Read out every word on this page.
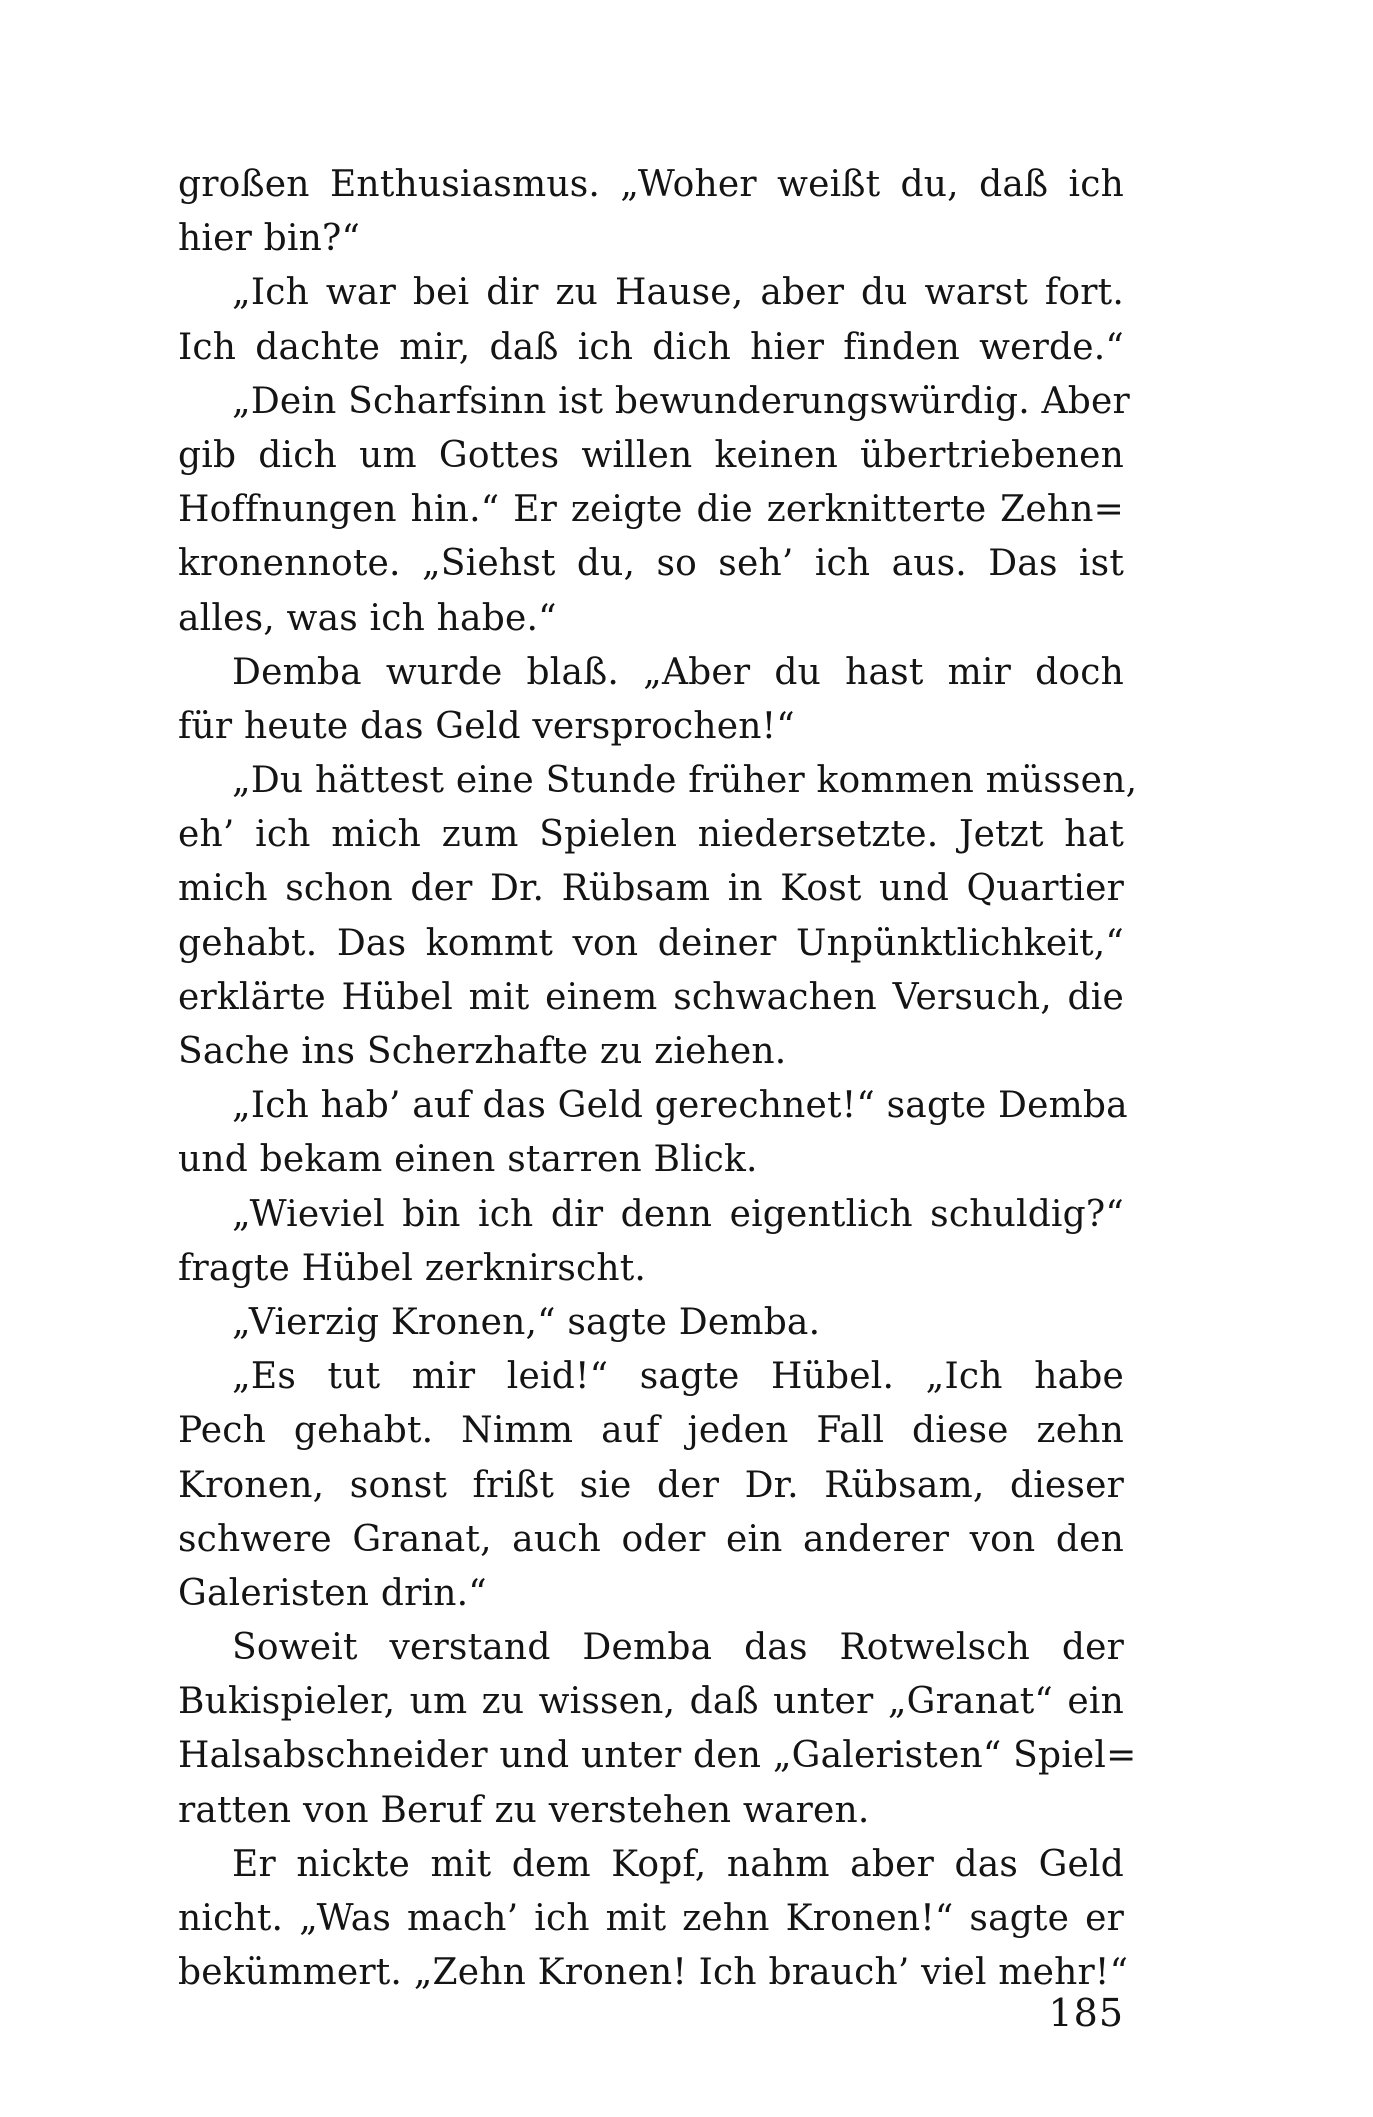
großen Enthusiasmus. „Woher weißt du, daß ich
hier bin?“
„Ich war bei dir zu Hause, aber du warst fort.
Ich dachte mir, daß ich dich hier finden werde.“
„Dein Scharfsinn ist bewunderungswürdig. Aber
gib dich um Gottes willen keinen übertriebenen
Hoffnungen hin.“ Er zeigte die zerknitterte Zehn=
kronennote. „Siehst du, so seh’ ich aus. Das ist
alles, was ich habe.“
Demba wurde blaß. „Aber du hast mir doch
für heute das Geld versprochen!“
„Du hättest eine Stunde früher kommen müssen,
eh’ ich mich zum Spielen niedersetzte. Jetzt hat
mich schon der Dr. Rübsam in Kost und Quartier
gehabt. Das kommt von deiner Unpünktlichkeit,“
erklärte Hübel mit einem schwachen Versuch, die
Sache ins Scherzhafte zu ziehen.
„Ich hab’ auf das Geld gerechnet!“ sagte Demba
und bekam einen starren Blick.
„Wieviel bin ich dir denn eigentlich schuldig?“
fragte Hübel zerknirscht.
„Vierzig Kronen,“ sagte Demba.
„Es tut mir leid!“ sagte Hübel. „Ich habe
Pech gehabt. Nimm auf jeden Fall diese zehn
Kronen, sonst frißt sie der Dr. Rübsam, dieser
schwere Granat, auch oder ein anderer von den
Galeristen drin.“
Soweit verstand Demba das Rotwelsch der
Bukispieler, um zu wissen, daß unter „Granat“ ein
Halsabschneider und unter den „Galeristen“ Spiel=
ratten von Beruf zu verstehen waren.
Er nickte mit dem Kopf, nahm aber das Geld
nicht. „Was mach’ ich mit zehn Kronen!“ sagte er
bekümmert. „Zehn Kronen! Ich brauch’ viel mehr!“
185
